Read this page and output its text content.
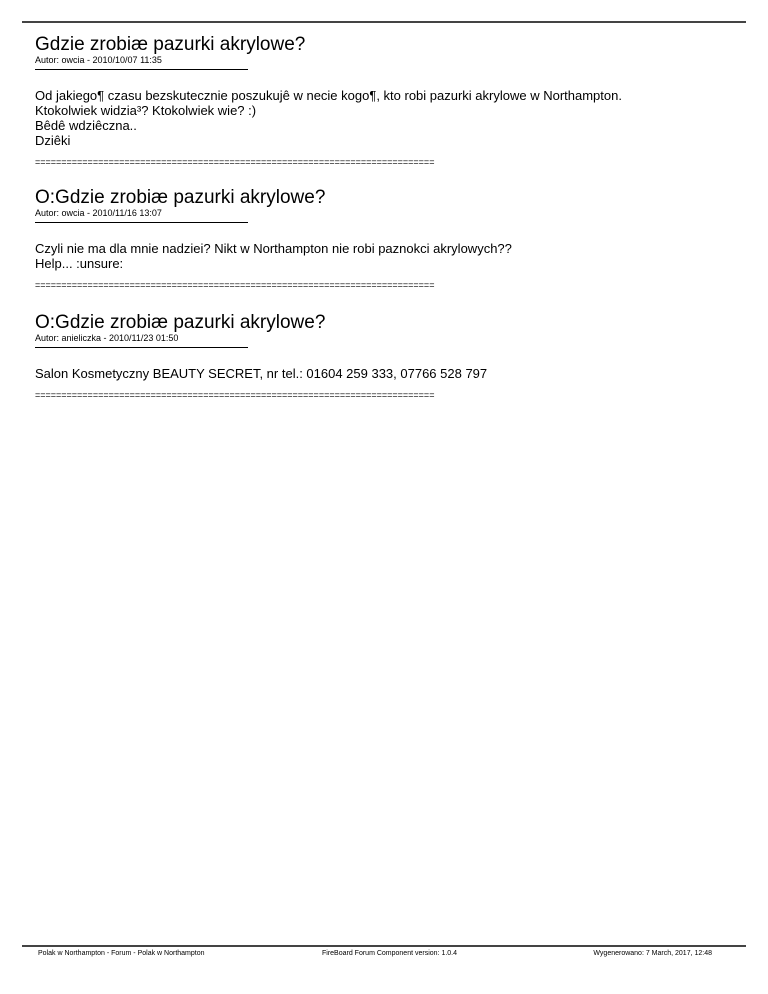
Gdzie zrobiæ pazurki akrylowe?
Autor: owcia - 2010/10/07 11:35
Od jakiego¶ czasu bezskutecznie poszukujê w necie kogo¶, kto robi pazurki akrylowe w Northampton.
Ktokolwiek widzia³? Ktokolwiek wie? :)
Bêdê wdziêczna..
Dziêki
============================================================================
O:Gdzie zrobiæ pazurki akrylowe?
Autor: owcia - 2010/11/16 13:07
Czyli nie ma dla mnie nadziei? Nikt w Northampton nie robi paznokci akrylowych??
Help... :unsure:
============================================================================
O:Gdzie zrobiæ pazurki akrylowe?
Autor: anieliczka - 2010/11/23 01:50
Salon Kosmetyczny BEAUTY SECRET, nr tel.: 01604 259 333, 07766 528 797
============================================================================
Polak w Northampton - Forum - Polak w Northampton	FireBoard Forum Component version: 1.0.4	Wygenerowano: 7 March, 2017, 12:48
